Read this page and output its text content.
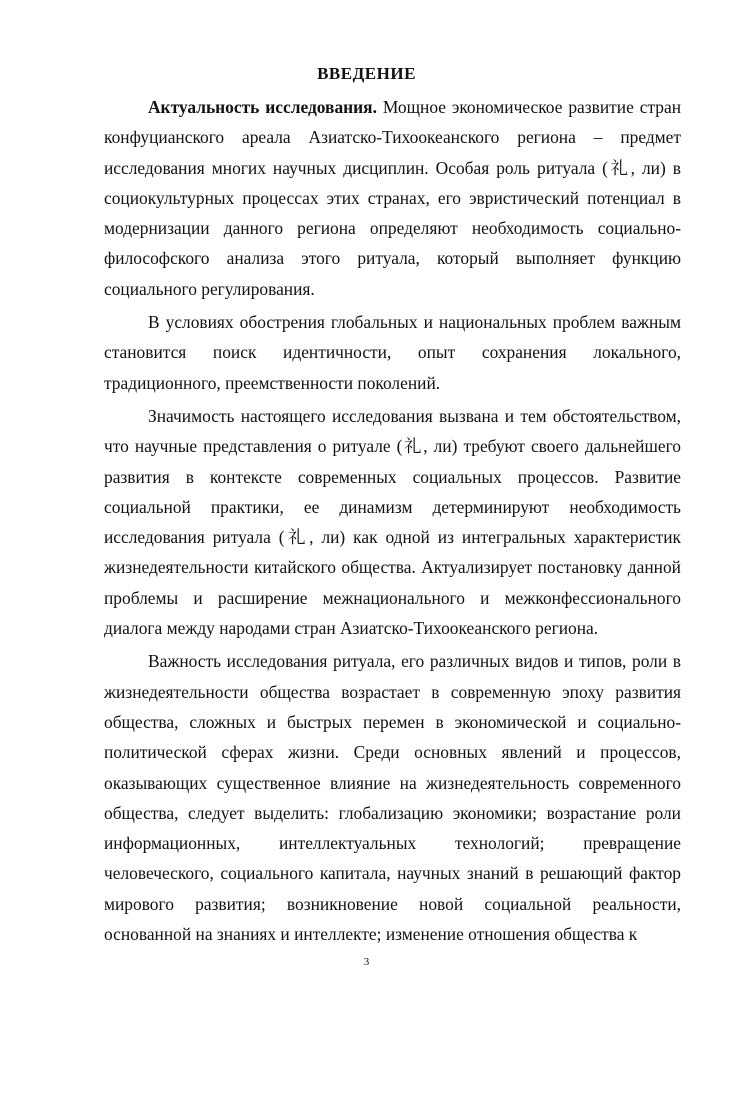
ВВЕДЕНИЕ

Актуальность исследования. Мощное экономическое развитие стран конфуцианского ареала Азиатско-Тихоокеанского региона – предмет исследования многих научных дисциплин. Особая роль ритуала (礼, ли) в социокультурных процессах этих странах, его эвристический потенциал в модернизации данного региона определяют необходимость социально-философского анализа этого ритуала, который выполняет функцию социального регулирования.

В условиях обострения глобальных и национальных проблем важным становится поиск идентичности, опыт сохранения локального, традиционного, преемственности поколений.

Значимость настоящего исследования вызвана и тем обстоятельством, что научные представления о ритуале (礼, ли) требуют своего дальнейшего развития в контексте современных социальных процессов. Развитие социальной практики, ее динамизм детерминируют необходимость исследования ритуала (礼, ли) как одной из интегральных характеристик жизнедеятельности китайского общества. Актуализирует постановку данной проблемы и расширение межнационального и межконфессионального диалога между народами стран Азиатско-Тихоокеанского региона.

Важность исследования ритуала, его различных видов и типов, роли в жизнедеятельности общества возрастает в современную эпоху развития общества, сложных и быстрых перемен в экономической и социально-политической сферах жизни. Среди основных явлений и процессов, оказывающих существенное влияние на жизнедеятельность современного общества, следует выделить: глобализацию экономики; возрастание роли информационных, интеллектуальных технологий; превращение человеческого, социального капитала, научных знаний в решающий фактор мирового развития; возникновение новой социальной реальности, основанной на знаниях и интеллекте; изменение отношения общества к

3
